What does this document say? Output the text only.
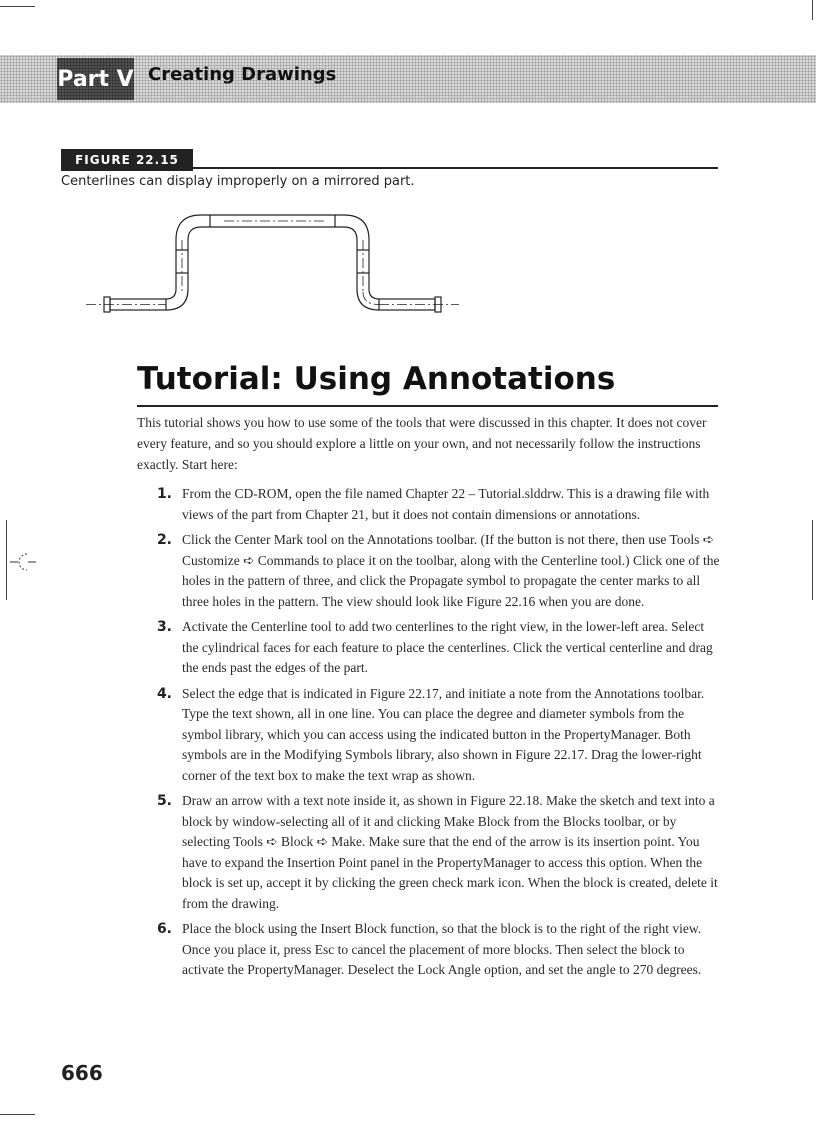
Part V Creating Drawings
FIGURE 22.15
Centerlines can display improperly on a mirrored part.
Tutorial: Using Annotations

This tutorial shows you how to use some of the tools that were discussed in this chapter. It does not cover every feature, and so you should explore a little on your own, and not necessarily follow the instructions exactly. Start here:

1. From the CD-ROM, open the file named Chapter 22 – Tutorial.slddrw. This is a drawing file with views of the part from Chapter 21, but it does not contain dimensions or annotations.
2. Click the Center Mark tool on the Annotations toolbar. (If the button is not there, then use Tools ➪ Customize ➪ Commands to place it on the toolbar, along with the Centerline tool.) Click one of the holes in the pattern of three, and click the Propagate symbol to propagate the center marks to all three holes in the pattern. The view should look like Figure 22.16 when you are done.
3. Activate the Centerline tool to add two centerlines to the right view, in the lower-left area. Select the cylindrical faces for each feature to place the centerlines. Click the vertical centerline and drag the ends past the edges of the part.
4. Select the edge that is indicated in Figure 22.17, and initiate a note from the Annotations toolbar. Type the text shown, all in one line. You can place the degree and diameter symbols from the symbol library, which you can access using the indicated button in the PropertyManager. Both symbols are in the Modifying Symbols library, also shown in Figure 22.17. Drag the lower-right corner of the text box to make the text wrap as shown.
5. Draw an arrow with a text note inside it, as shown in Figure 22.18. Make the sketch and text into a block by window-selecting all of it and clicking Make Block from the Blocks toolbar, or by selecting Tools ➪ Block ➪ Make. Make sure that the end of the arrow is its insertion point. You have to expand the Insertion Point panel in the PropertyManager to access this option. When the block is set up, accept it by clicking the green check mark icon. When the block is created, delete it from the drawing.
6. Place the block using the Insert Block function, so that the block is to the right of the right view. Once you place it, press Esc to cancel the placement of more blocks. Then select the block to activate the PropertyManager. Deselect the Lock Angle option, and set the angle to 270 degrees.
666
